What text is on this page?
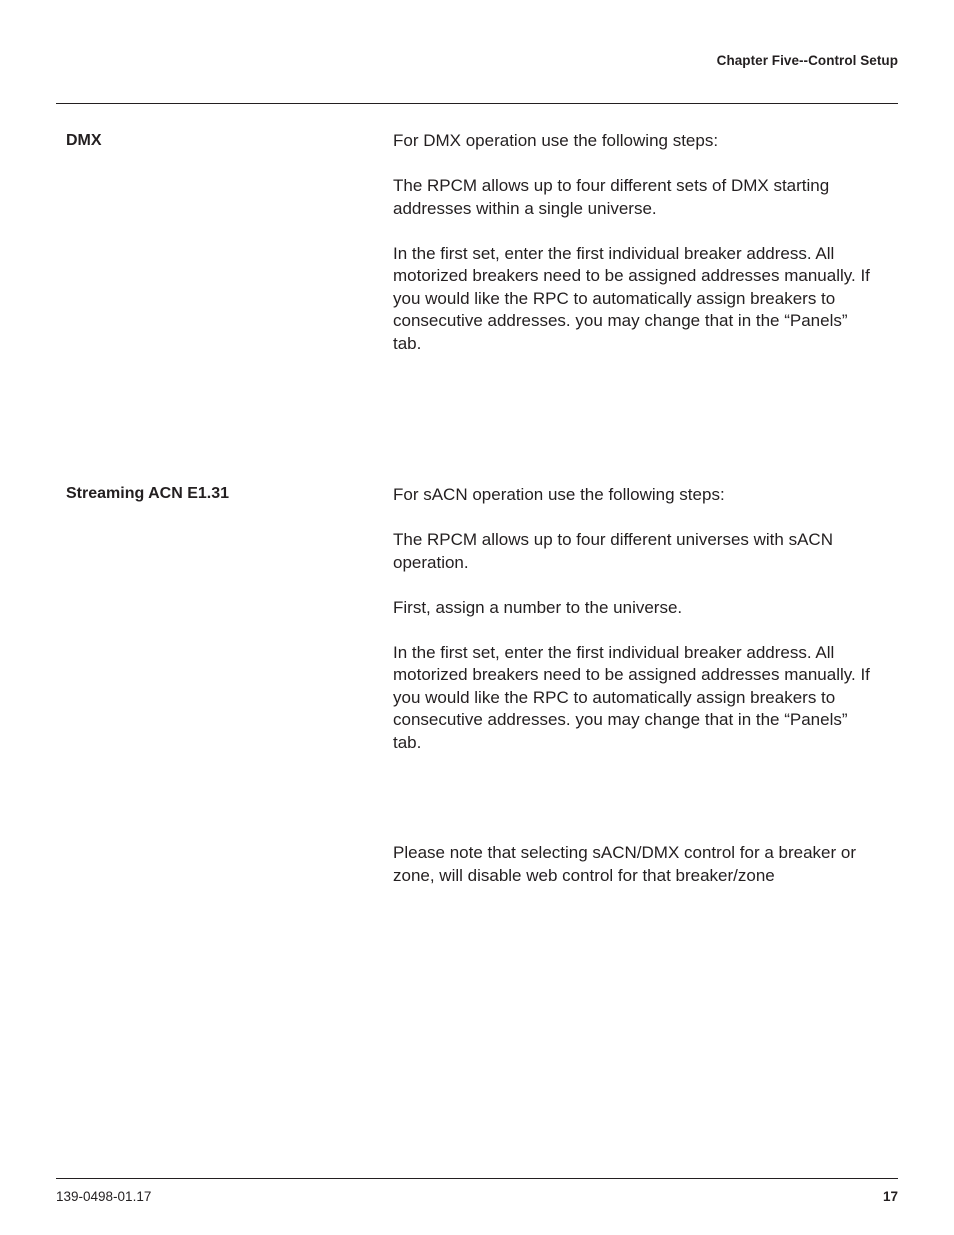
Chapter Five--Control Setup
DMX	For DMX operation use the following steps:

The RPCM allows up to four different sets of DMX starting addresses within a single universe.

In the first set, enter the first individual breaker address. All motorized breakers need to be assigned addresses manually. If you would like the RPC to automatically assign breakers to consecutive addresses. you may change that in the “Panels” tab.

Streaming ACN E1.31	For sACN operation use the following steps:

The RPCM allows up to four different universes with sACN operation.

First, assign a number to the universe.

In the first set, enter the first individual breaker address. All motorized breakers need to be assigned addresses manually. If you would like the RPC to automatically assign breakers to consecutive addresses. you may change that in the “Panels” tab.

Please note that selecting sACN/DMX control for a breaker or zone, will disable web control for that breaker/zone

139-0498-01.17	17
